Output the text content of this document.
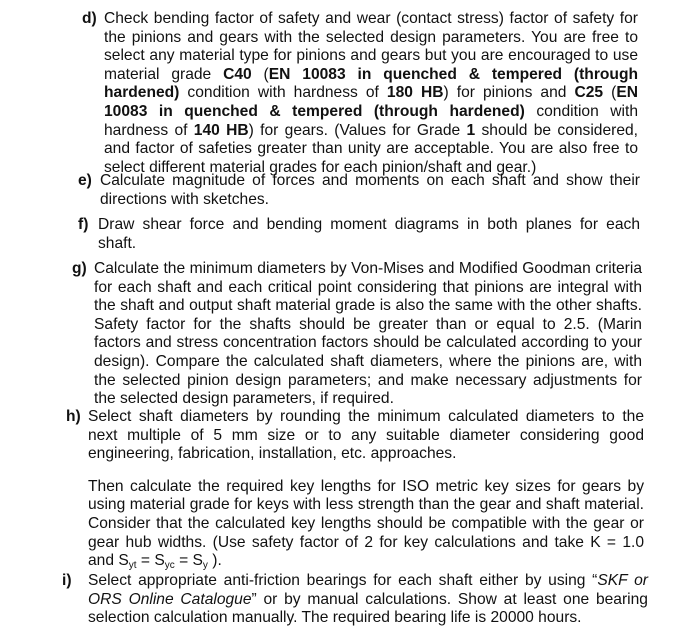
d) Check bending factor of safety and wear (contact stress) factor of safety for the pinions and gears with the selected design parameters. You are free to select any material type for pinions and gears but you are encouraged to use material grade C40 (EN 10083 in quenched & tempered (through hardened) condition with hardness of 180 HB) for pinions and C25 (EN 10083 in quenched & tempered (through hardened) condition with hardness of 140 HB) for gears. (Values for Grade 1 should be considered, and factor of safeties greater than unity are acceptable. You are also free to select different material grades for each pinion/shaft and gear.)
e) Calculate magnitude of forces and moments on each shaft and show their directions with sketches.
f) Draw shear force and bending moment diagrams in both planes for each shaft.
g) Calculate the minimum diameters by Von-Mises and Modified Goodman criteria for each shaft and each critical point considering that pinions are integral with the shaft and output shaft material grade is also the same with the other shafts. Safety factor for the shafts should be greater than or equal to 2.5. (Marin factors and stress concentration factors should be calculated according to your design). Compare the calculated shaft diameters, where the pinions are, with the selected pinion design parameters; and make necessary adjustments for the selected design parameters, if required.
h) Select shaft diameters by rounding the minimum calculated diameters to the next multiple of 5 mm size or to any suitable diameter considering good engineering, fabrication, installation, etc. approaches.

Then calculate the required key lengths for ISO metric key sizes for gears by using material grade for keys with less strength than the gear and shaft material. Consider that the calculated key lengths should be compatible with the gear or gear hub widths. (Use safety factor of 2 for key calculations and take K = 1.0 and $S_{yt} = S_{yc} = S_y$ ).

i)	Select appropriate anti-friction bearings for each shaft either by using “SKF or ORS Online Catalogue” or by manual calculations. Show at least one bearing selection calculation manually. The required bearing life is 20000 hours.
